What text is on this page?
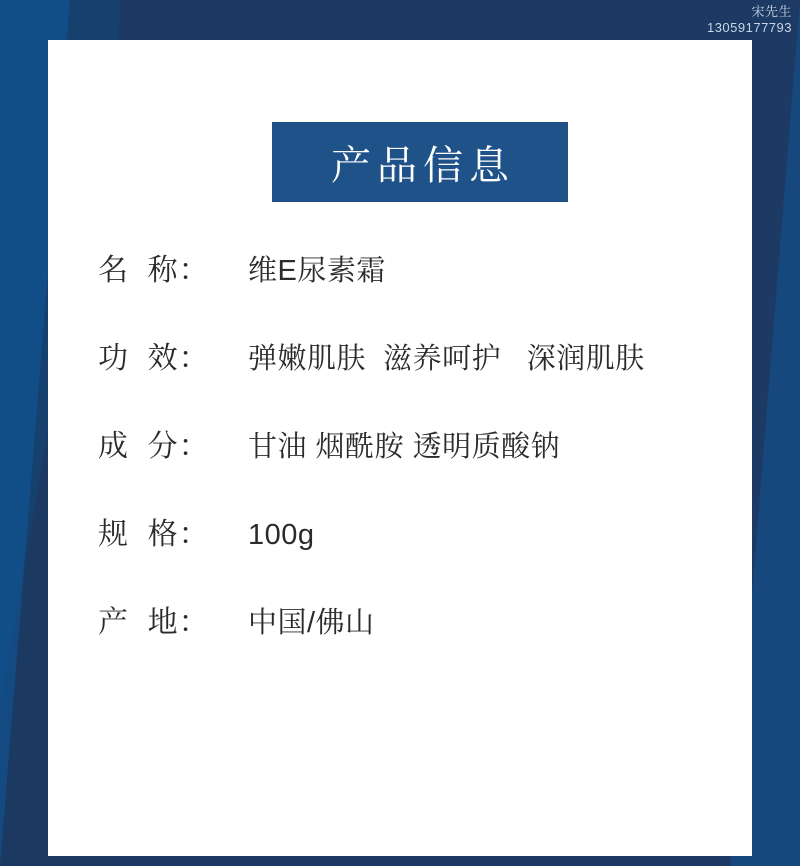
宋先生
13059177793
产品信息
名  称：	维E尿素霜
功  效：	弹嫩肌肤  滋养呵护   深润肌肤
成  分：	甘油 烟酰胺 透明质酸钠
规  格：	100g
产  地：	中国/佛山
